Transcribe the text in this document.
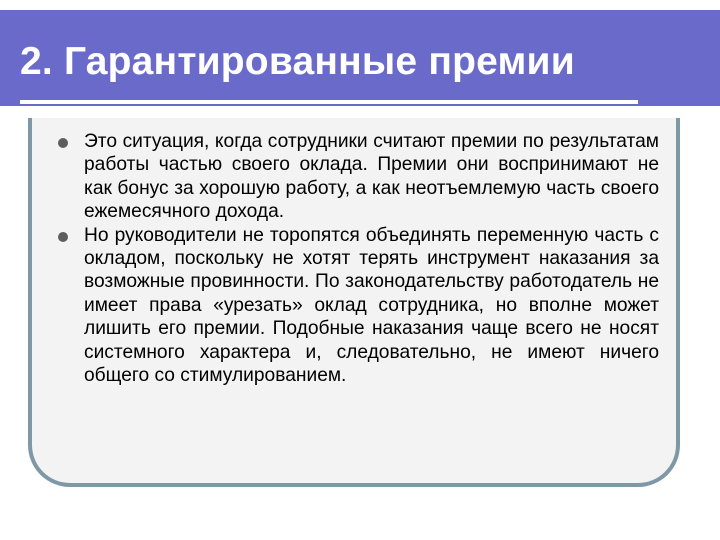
2. Гарантированные премии
Это ситуация, когда сотрудники считают премии по результатам работы частью своего оклада. Премии они воспринимают не как бонус за хорошую работу, а как неотъемлемую часть своего ежемесячного дохода.
Но руководители не торопятся объединять переменную часть с окладом, поскольку не хотят терять инструмент наказания за возможные провинности. По законодательству работодатель не имеет права «урезать» оклад сотрудника, но вполне может лишить его премии. Подобные наказания чаще всего не носят системного характера и, следовательно, не имеют ничего общего со стимулированием.
